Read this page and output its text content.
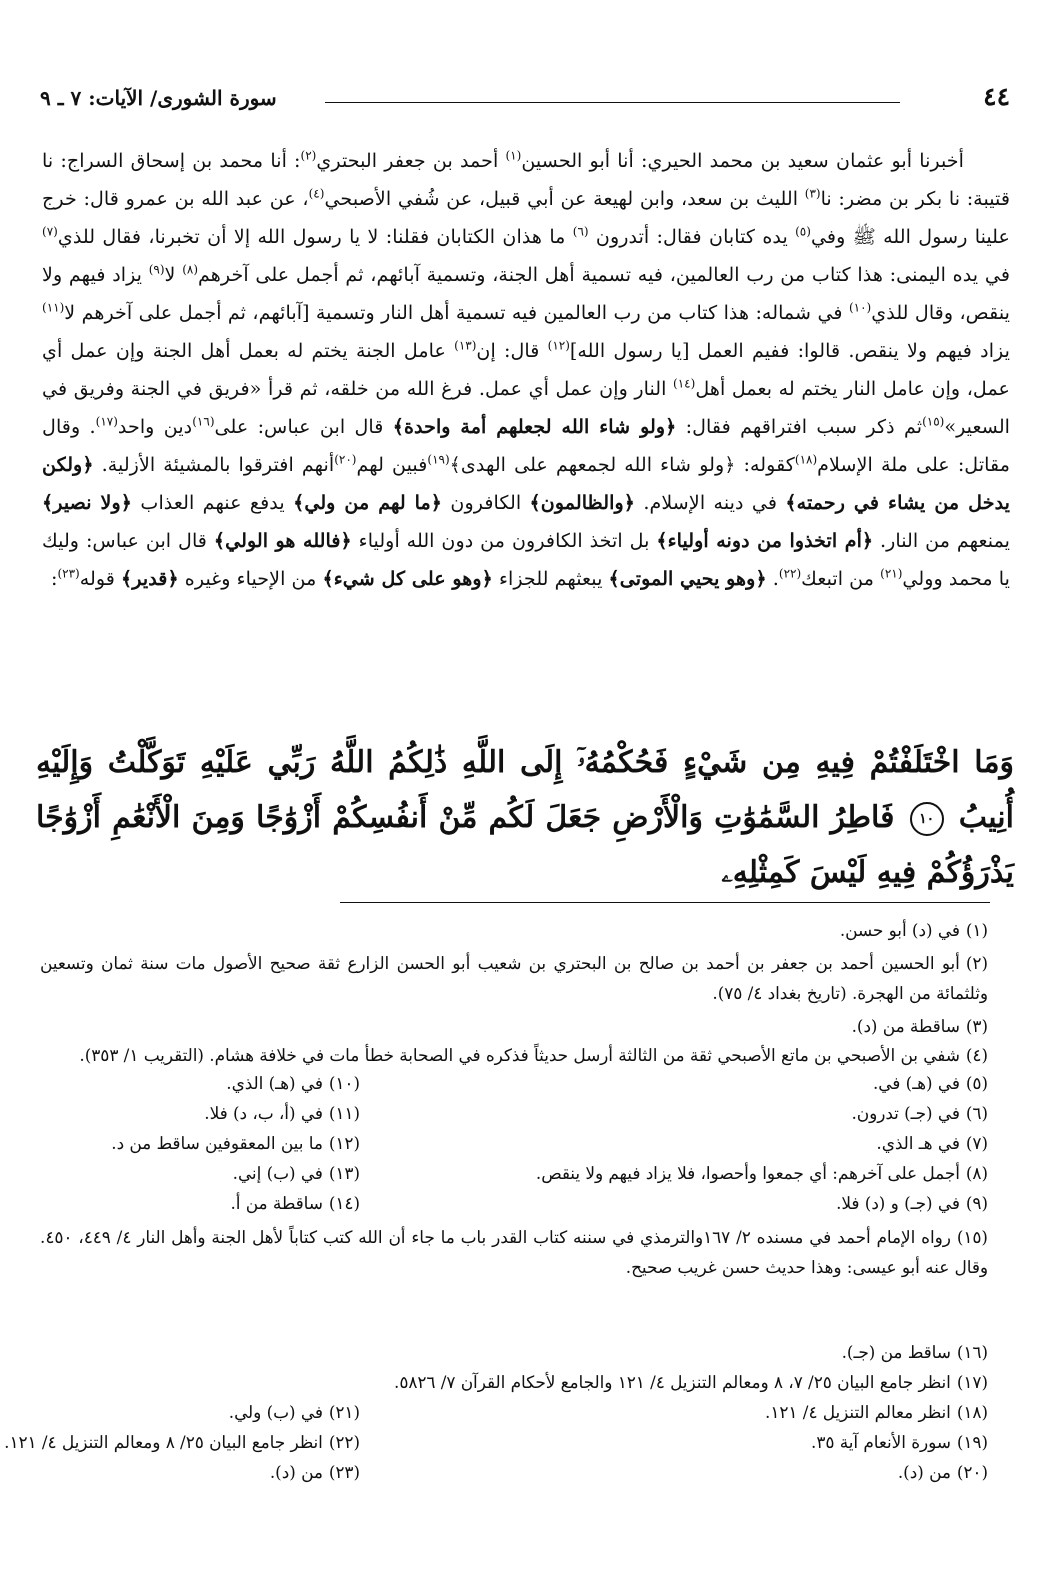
٤٤
سورة الشورى/ الآيات: ٧ ـ ٩

أخبرنا أبو عثمان سعيد بن محمد الحيري: أنا أبو الحسين$^{(١)}$ أحمد بن جعفر البحتري$^{(٢)}$: أنا محمد بن إسحاق السراج: نا قتيبة: نا بكر بن مضر: نا$^{(٣)}$ الليث بن سعد، وابن لهيعة عن أبي قبيل، عن شُفي الأصبحي$^{(٤)}$، عن عبد الله بن عمرو قال: خرج علينا رسول الله ﷺ وفي$^{(٥)}$ يده كتابان فقال: أتدرون $^{(٦)}$ ما هذان الكتابان فقلنا: لا يا رسول الله إلا أن تخبرنا، فقال للذي$^{(٧)}$ في يده اليمنى: هذا كتاب من رب العالمين، فيه تسمية أهل الجنة، وتسمية آبائهم، ثم أجمل على آخرهم$^{(٨)}$ لا$^{(٩)}$ يزاد فيهم ولا ينقص، وقال للذي$^{(١٠)}$ في شماله: هذا كتاب من رب العالمين فيه تسمية أهل النار وتسمية [آبائهم، ثم أجمل على آخرهم لا$^{(١١)}$ يزاد فيهم ولا ينقص. قالوا: ففيم العمل [يا رسول الله]$^{(١٢)}$ قال: إن$^{(١٣)}$ عامل الجنة يختم له بعمل أهل الجنة وإن عمل أي عمل، وإن عامل النار يختم له بعمل أهل$^{(١٤)}$ النار وإن عمل أي عمل. فرغ الله من خلقه، ثم قرأ «فريق في الجنة وفريق في السعير»$^{(١٥)}$ثم ذكر سبب افتراقهم فقال: ﴿ولو شاء الله لجعلهم أمة واحدة﴾ قال ابن عباس: على$^{(١٦)}$دين واحد$^{(١٧)}$. وقال مقاتل: على ملة الإسلام$^{(١٨)}$كقوله: ﴿ولو شاء الله لجمعهم على الهدى﴾$^{(١٩)}$فبين لهم$^{(٢٠)}$أنهم افترقوا بالمشيئة الأزلية. ﴿ولكن يدخل من يشاء في رحمته﴾ في دينه الإسلام. ﴿والظالمون﴾ الكافرون ﴿ما لهم من ولي﴾ يدفع عنهم العذاب ﴿ولا نصير﴾ يمنعهم من النار. ﴿أم اتخذوا من دونه أولياء﴾ بل اتخذ الكافرون من دون الله أولياء ﴿فالله هو الولي﴾ قال ابن عباس: وليك يا محمد وولي$^{(٢١)}$ من اتبعك$^{(٢٢)}$. ﴿وهو يحيي الموتى﴾ يبعثهم للجزاء ﴿وهو على كل شيء﴾ من الإحياء وغيره ﴿قدير﴾ قوله$^{(٢٣)}$:

وَمَا اخْتَلَفْتُمْ فِيهِ مِن شَيْءٍ فَحُكْمُهُۥٓ إِلَى اللَّهِ ذَٰلِكُمُ اللَّهُ رَبِّي عَلَيْهِ تَوَكَّلْتُ وَإِلَيْهِ أُنِيبُ ١٠ فَاطِرُ السَّمَٰوَٰتِ وَالْأَرْضِ جَعَلَ لَكُم مِّنْ أَنفُسِكُمْ أَزْوَٰجًا وَمِنَ الْأَنْعَٰمِ أَزْوَٰجًا يَذْرَؤُكُمْ فِيهِ لَيْسَ كَمِثْلِهِۦ
(١)في (د) أبو حسن.
(٢)أبو الحسين أحمد بن جعفر بن أحمد بن صالح بن البحتري بن شعيب أبو الحسن الزارع ثقة صحيح الأصول مات سنة ثمان وتسعين وثلثمائة من الهجرة. (تاريخ بغداد ٤/ ٧٥).
(٣)ساقطة من (د).
(٤)شفي بن الأصبحي بن ماتع الأصبحي ثقة من الثالثة أرسل حديثاً فذكره في الصحابة خطأ مات في خلافة هشام. (التقريب ١/ ٣٥٣).
(٥)في (هـ) في.
(١٠)في (هـ) الذي.
(٦)في (جـ) تدرون.
(١١)في (أ، ب، د) فلا.
(٧)في هـ الذي.
(١٢)ما بين المعقوفين ساقط من د.
(٨)أجمل على آخرهم: أي جمعوا وأحصوا، فلا يزاد فيهم ولا ينقص.
(١٣)في (ب) إني.
(٩)في (جـ) و (د) فلا.
(١٤)ساقطة من أ.
(١٥)رواه الإمام أحمد في مسنده ٢/ ١٦٧والترمذي في سننه كتاب القدر باب ما جاء أن الله كتب كتاباً لأهل الجنة وأهل النار ٤/ ٤٤٩، ٤٥٠. وقال عنه أبو عيسى: وهذا حديث حسن غريب صحيح.
(١٦)ساقط من (جـ).
(١٧)انظر جامع البيان ٢٥/ ٧، ٨ ومعالم التنزيل ٤/ ١٢١ والجامع لأحكام القرآن ٧/ ٥٨٢٦.
(١٨)انظر معالم التنزيل ٤/ ١٢١.
(٢١)في (ب) ولي.
(١٩)سورة الأنعام آية ٣٥.
(٢٢)انظر جامع البيان ٢٥/ ٨ ومعالم التنزيل ٤/ ١٢١.
(٢٠)من (د).
(٢٣)من (د).
